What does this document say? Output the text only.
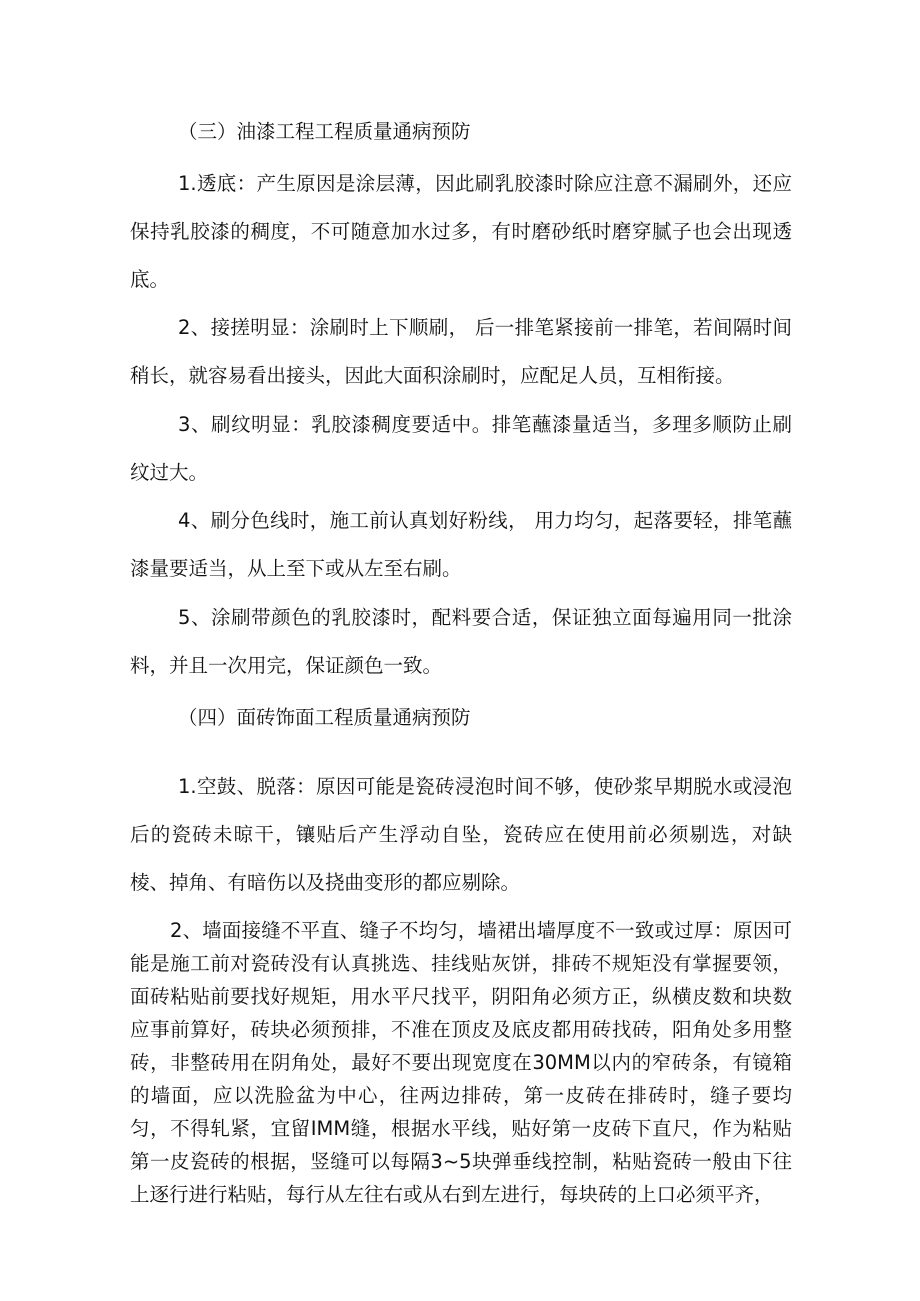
（三）油漆工程工程质量通病预防

1.透底：产生原因是涂层薄，因此刷乳胶漆时除应注意不漏刷外，还应保持乳胶漆的稠度，不可随意加水过多，有时磨砂纸时磨穿腻子也会出现透底。

2、接搓明显：涂刷时上下顺刷， 后一排笔紧接前一排笔，若间隔时间稍长，就容易看出接头，因此大面积涂刷时，应配足人员，互相衔接。

3、刷纹明显：乳胶漆稠度要适中。排笔蘸漆量适当，多理多顺防止刷纹过大。

4、刷分色线时，施工前认真划好粉线， 用力均匀，起落要轻，排笔蘸漆量要适当，从上至下或从左至右刷。

5、涂刷带颜色的乳胶漆时，配料要合适，保证独立面每遍用同一批涂料，并且一次用完，保证颜色一致。

（四）面砖饰面工程质量通病预防

1.空鼓、脱落：原因可能是瓷砖浸泡时间不够，使砂浆早期脱水或浸泡后的瓷砖未晾干，镶贴后产生浮动自坠，瓷砖应在使用前必须剔选，对缺棱、掉角、有暗伤以及挠曲变形的都应剔除。

2、墙面接缝不平直、缝子不均匀，墙裙出墙厚度不一致或过厚：原因可能是施工前对瓷砖没有认真挑选、挂线贴灰饼，排砖不规矩没有掌握要领，面砖粘贴前要找好规矩，用水平尺找平，阴阳角必须方正，纵横皮数和块数应事前算好，砖块必须预排，不准在顶皮及底皮都用砖找砖，阳角处多用整砖，非整砖用在阴角处，最好不要出现宽度在30MM以内的窄砖条，有镜箱的墙面，应以洗脸盆为中心，往两边排砖，第一皮砖在排砖时，缝子要均匀，不得轧紧，宜留IMM缝，根据水平线，贴好第一皮砖下直尺，作为粘贴第一皮瓷砖的根据，竖缝可以每隔3~5块弹垂线控制，粘贴瓷砖一般由下往上逐行进行粘贴，每行从左往右或从右到左进行，每块砖的上口必须平齐，
